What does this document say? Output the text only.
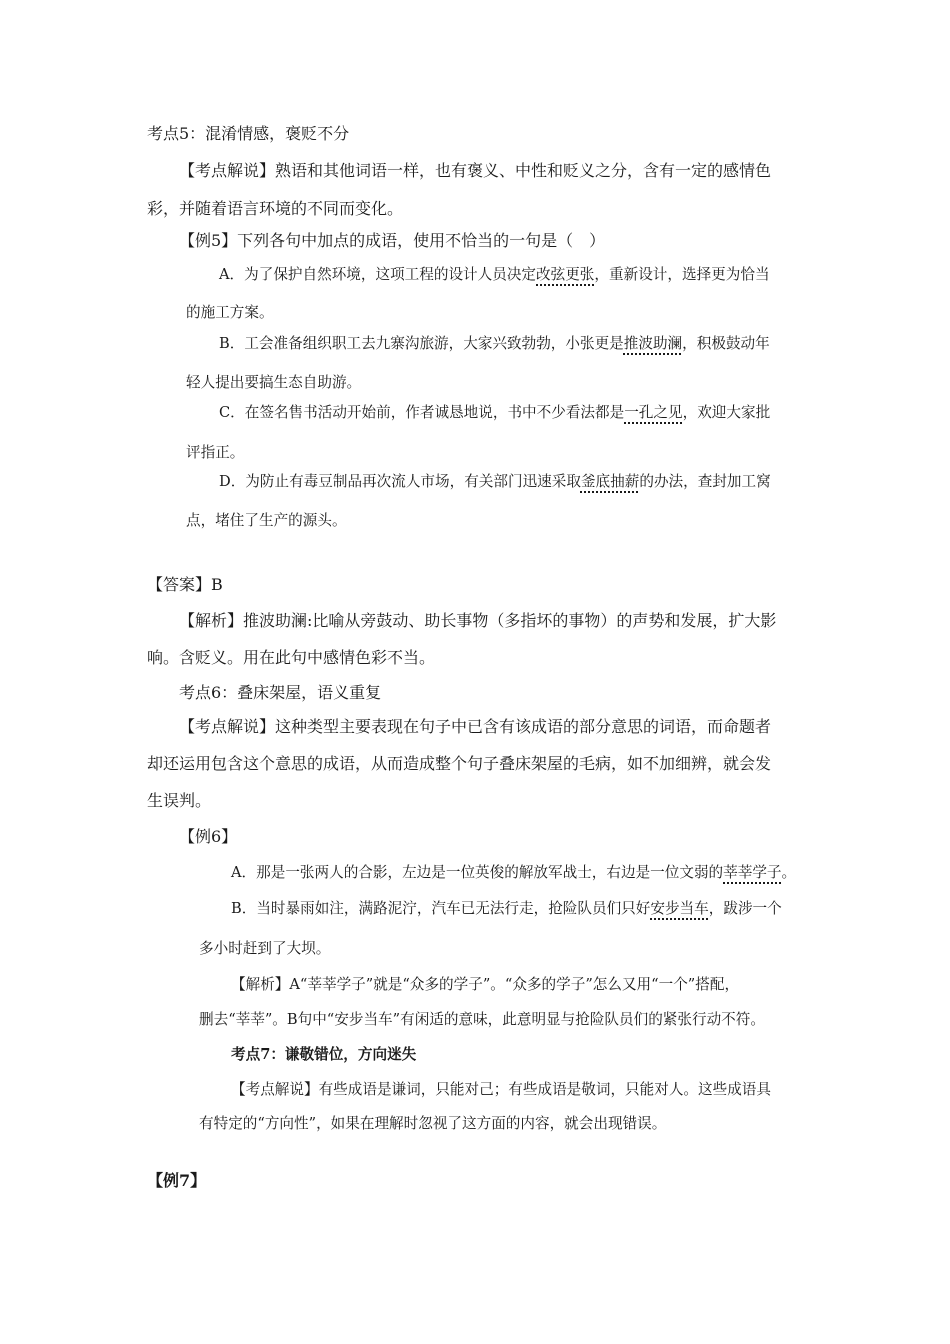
考点5：混淆情感，褒贬不分
【考点解说】熟语和其他词语一样，也有褒义、中性和贬义之分，含有一定的感情色
彩，并随着语言环境的不同而变化。
【例5】下列各句中加点的成语，使用不恰当的一句是（　）
A．为了保护自然环境，这项工程的设计人员决定改弦更张，重新设计，选择更为恰当
的施工方案。
B．工会准备组织职工去九寨沟旅游，大家兴致勃勃，小张更是推波助澜，积极鼓动年
轻人提出要搞生态自助游。
C．在签名售书活动开始前，作者诚恳地说，书中不少看法都是一孔之见，欢迎大家批
评指正。
D．为防止有毒豆制品再次流人市场，有关部门迅速采取釜底抽薪的办法，查封加工窝
点，堵住了生产的源头。
【答案】B
【解析】推波助澜:比喻从旁鼓动、助长事物（多指坏的事物）的声势和发展，扩大影
响。含贬义。用在此句中感情色彩不当。
考点6：叠床架屋，语义重复
【考点解说】这种类型主要表现在句子中已含有该成语的部分意思的词语，而命题者
却还运用包含这个意思的成语，从而造成整个句子叠床架屋的毛病，如不加细辨，就会发
生误判。
【例6】
A．那是一张两人的合影，左边是一位英俊的解放军战士，右边是一位文弱的莘莘学子。
B．当时暴雨如注，满路泥泞，汽车已无法行走，抢险队员们只好安步当车，跋涉一个
多小时赶到了大坝。
【解析】A“莘莘学子”就是“众多的学子”。“众多的学子”怎么又用“一个”搭配，
删去“莘莘”。B句中“安步当车”有闲适的意味，此意明显与抢险队员们的紧张行动不符。
考点7：谦敬错位，方向迷失
【考点解说】有些成语是谦词，只能对己；有些成语是敬词，只能对人。这些成语具
有特定的“方向性”，如果在理解时忽视了这方面的内容，就会出现错误。
【例7】
